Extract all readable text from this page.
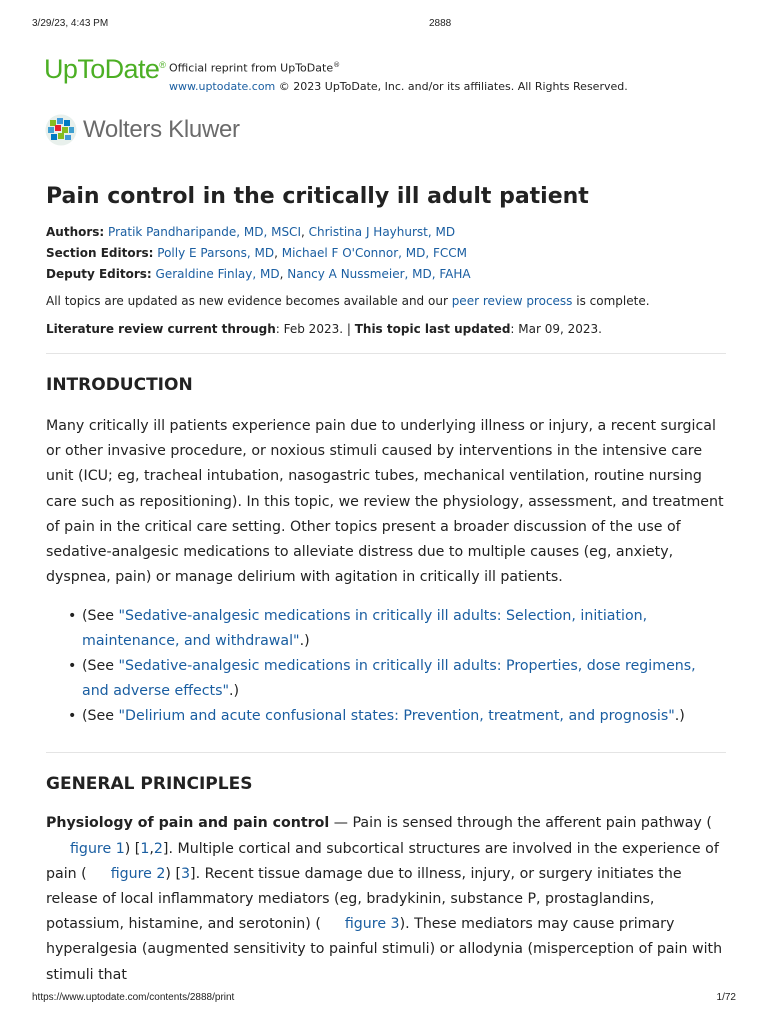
3/29/23, 4:43 PM	2888
UpToDate® Official reprint from UpToDate®
www.uptodate.com © 2023 UpToDate, Inc. and/or its affiliates. All Rights Reserved.
Wolters Kluwer
Pain control in the critically ill adult patient
Authors: Pratik Pandharipande, MD, MSCI, Christina J Hayhurst, MD
Section Editors: Polly E Parsons, MD, Michael F O'Connor, MD, FCCM
Deputy Editors: Geraldine Finlay, MD, Nancy A Nussmeier, MD, FAHA
All topics are updated as new evidence becomes available and our peer review process is complete.
Literature review current through: Feb 2023. | This topic last updated: Mar 09, 2023.
INTRODUCTION

Many critically ill patients experience pain due to underlying illness or injury, a recent surgical or other invasive procedure, or noxious stimuli caused by interventions in the intensive care unit (ICU; eg, tracheal intubation, nasogastric tubes, mechanical ventilation, routine nursing care such as repositioning). In this topic, we review the physiology, assessment, and treatment of pain in the critical care setting. Other topics present a broader discussion of the use of sedative-analgesic medications to alleviate distress due to multiple causes (eg, anxiety, dyspnea, pain) or manage delirium with agitation in critically ill patients.

• (See "Sedative-analgesic medications in critically ill adults: Selection, initiation, maintenance, and withdrawal".)
• (See "Sedative-analgesic medications in critically ill adults: Properties, dose regimens, and adverse effects".)
• (See "Delirium and acute confusional states: Prevention, treatment, and prognosis".)
GENERAL PRINCIPLES

Physiology of pain and pain control — Pain is sensed through the afferent pain pathway (figure 1) [1,2]. Multiple cortical and subcortical structures are involved in the experience of pain ( figure 2) [3]. Recent tissue damage due to illness, injury, or surgery initiates the release of local inflammatory mediators (eg, bradykinin, substance P, prostaglandins, potassium, histamine, and serotonin) ( figure 3). These mediators may cause primary hyperalgesia (augmented sensitivity to painful stimuli) or allodynia (misperception of pain with stimuli that

https://www.uptodate.com/contents/2888/print	1/72
